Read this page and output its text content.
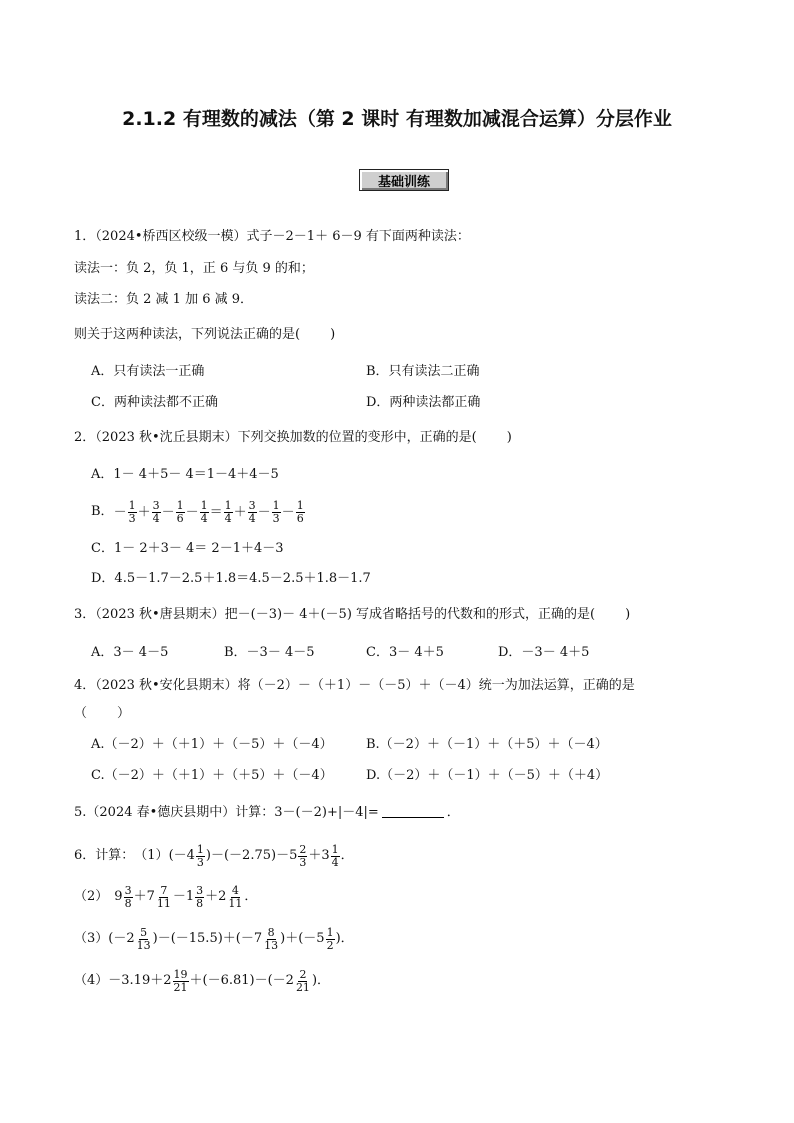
2.1.2 有理数的减法（第 2 课时 有理数加减混合运算）分层作业
基础训练
1．（2024•桥西区校级一模）式子－2－1＋ 6－9 有下面两种读法：
读法一：负 2，负 1，正 6 与负 9 的和；
读法二：负 2 减 1 加 6 减 9．
则关于这两种读法，下列说法正确的是( )
A．只有读法一正确	B．只有读法二正确
C．两种读法都不正确	D．两种读法都正确
2．（2023 秋•沈丘县期末）下列交换加数的位置的变形中，正确的是( )
A．1－ 4＋5－ 4＝1－4＋4－5
B． － $\frac{1}{3} + \frac{3}{4} - \frac{1}{6} - \frac{1}{4} = \frac{1}{4} + \frac{3}{4} - \frac{1}{3} - \frac{1}{6}$
C．1－ 2＋3－ 4＝ 2－1＋4－3
D．4.5－1.7－2.5＋1.8＝4.5－2.5＋1.8－1.7
3．（2023 秋•唐县期末）把－(－3)－ 4＋(－5) 写成省略括号的代数和的形式，正确的是( )
A．3－ 4－5	B．－3－ 4－5	C．3－ 4＋5	D．－3－ 4＋5
4．（2023 秋•安化县期末）将（－2）－（＋1）－（－5）＋（－4）统一为加法运算，正确的是
（ ）
A.（－2）＋（＋1）＋（－5）＋（－4）	B.（－2）＋（－1）＋（＋5）＋（－4）
C.（－2）＋（＋1）＋（＋5）＋（－4）	D.（－2）＋（－1）＋（－5）＋（＋4）
5.（2024 春•德庆县期中）计算：3－(－2)+|－4|=	．
6．计算： （1） $(-4 \frac{1}{3} )-(-2.75)-5 \frac{2}{3} +3 \frac{1}{4}$ ．
（2） $9 \frac{3}{8} +7 \frac{7}{11} -1 \frac{3}{8} +2 \frac{4}{11}$ ．
（3） $(-2 \frac{5}{13} )-(-15.5)+(-7 \frac{8}{13} )+(-5 \frac{1}{2}$ )．
$(4) -3.19+2 \frac{19}{21} +(-6.81)-(-2 \frac{2}{21}$ )．
